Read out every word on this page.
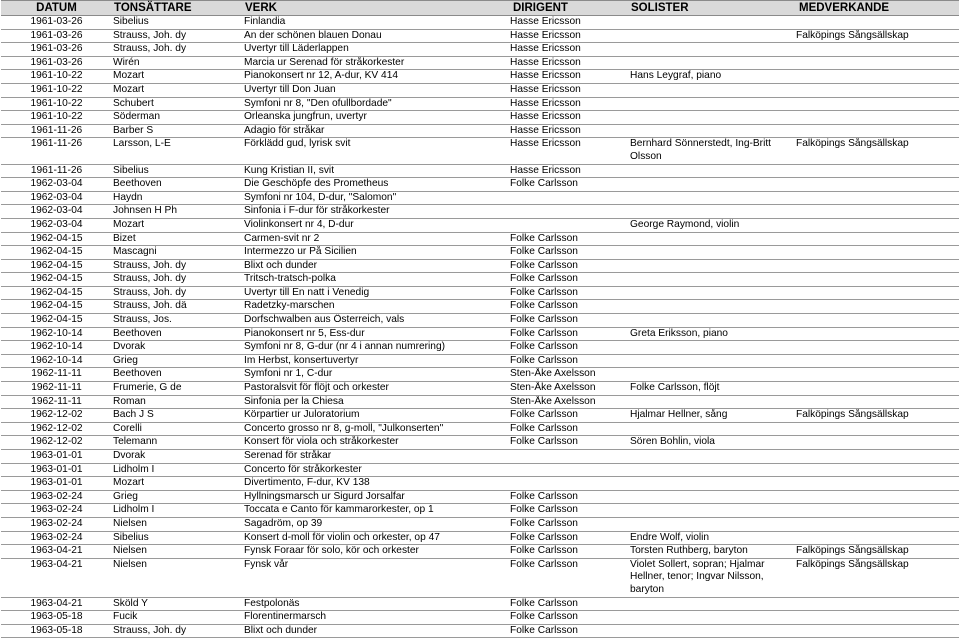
DATUM	TONSÄTTARE	VERK	DIRIGENT	SOLISTER	MEDVERKANDE
1961-03-26	Sibelius	Finlandia	Hasse Ericsson		
1961-03-26	Strauss, Joh. dy	An der schönen blauen Donau	Hasse Ericsson		Falköpings Sångsällskap
1961-03-26	Strauss, Joh. dy	Uvertyr till Läderlappen	Hasse Ericsson		
1961-03-26	Wirén	Marcia ur Serenad för stråkorkester	Hasse Ericsson		
1961-10-22	Mozart	Pianokonsert nr 12, A-dur, KV 414	Hasse Ericsson	Hans Leygraf, piano	
1961-10-22	Mozart	Uvertyr till Don Juan	Hasse Ericsson		
1961-10-22	Schubert	Symfoni nr 8, "Den ofullbordade"	Hasse Ericsson		
1961-10-22	Söderman	Orleanska jungfrun, uvertyr	Hasse Ericsson		
1961-11-26	Barber S	Adagio för stråkar	Hasse Ericsson		
1961-11-26	Larsson, L-E	Förklädd gud, lyrisk svit	Hasse Ericsson	Bernhard Sönnerstedt, Ing-Britt Olsson	Falköpings Sångsällskap
1961-11-26	Sibelius	Kung Kristian II, svit	Hasse Ericsson		
1962-03-04	Beethoven	Die Geschöpfe des Prometheus	Folke Carlsson		
1962-03-04	Haydn	Symfoni nr 104, D-dur, "Salomon"			
1962-03-04	Johnsen H Ph	Sinfonia i F-dur för stråkorkester			
1962-03-04	Mozart	Violinkonsert nr 4, D-dur		George Raymond, violin	
1962-04-15	Bizet	Carmen-svit nr 2	Folke Carlsson		
1962-04-15	Mascagni	Intermezzo ur På Sicilien	Folke Carlsson		
1962-04-15	Strauss, Joh. dy	Blixt och dunder	Folke Carlsson		
1962-04-15	Strauss, Joh. dy	Tritsch-tratsch-polka	Folke Carlsson		
1962-04-15	Strauss, Joh. dy	Uvertyr till En natt i Venedig	Folke Carlsson		
1962-04-15	Strauss, Joh. dä	Radetzky-marschen	Folke Carlsson		
1962-04-15	Strauss, Jos.	Dorfschwalben aus Österreich, vals	Folke Carlsson		
1962-10-14	Beethoven	Pianokonsert nr 5, Ess-dur	Folke Carlsson	Greta Eriksson, piano	
1962-10-14	Dvorak	Symfoni nr 8, G-dur (nr 4 i annan numrering)	Folke Carlsson		
1962-10-14	Grieg	Im Herbst, konsertuvertyr	Folke Carlsson		
1962-11-11	Beethoven	Symfoni nr 1, C-dur	Sten-Åke Axelsson		
1962-11-11	Frumerie, G de	Pastoralsvit för flöjt och orkester	Sten-Åke Axelsson	Folke Carlsson, flöjt	
1962-11-11	Roman	Sinfonia per la Chiesa	Sten-Åke Axelsson		
1962-12-02	Bach J S	Körpartier ur Juloratorium	Folke Carlsson	Hjalmar Hellner, sång	Falköpings Sångsällskap
1962-12-02	Corelli	Concerto grosso nr 8, g-moll, "Julkonserten"	Folke Carlsson		
1962-12-02	Telemann	Konsert för viola och stråkorkester	Folke Carlsson	Sören Bohlin, viola	
1963-01-01	Dvorak	Serenad för stråkar			
1963-01-01	Lidholm I	Concerto för stråkorkester			
1963-01-01	Mozart	Divertimento, F-dur, KV 138			
1963-02-24	Grieg	Hyllningsmarsch ur Sigurd Jorsalfar	Folke Carlsson		
1963-02-24	Lidholm I	Toccata e Canto för kammarorkester, op 1	Folke Carlsson		
1963-02-24	Nielsen	Sagadröm, op 39	Folke Carlsson		
1963-02-24	Sibelius	Konsert d-moll för violin och orkester, op 47	Folke Carlsson	Endre Wolf, violin	
1963-04-21	Nielsen	Fynsk Foraar för solo, kör och orkester	Folke Carlsson	Torsten Ruthberg, baryton	Falköpings Sångsällskap
1963-04-21	Nielsen	Fynsk vår	Folke Carlsson	Violet Sollert, sopran; Hjalmar Hellner, tenor; Ingvar Nilsson, baryton	Falköpings Sångsällskap
1963-04-21	Sköld Y	Festpolonäs	Folke Carlsson		
1963-05-18	Fucik	Florentinermarsch	Folke Carlsson		
1963-05-18	Strauss, Joh. dy	Blixt och dunder	Folke Carlsson		
